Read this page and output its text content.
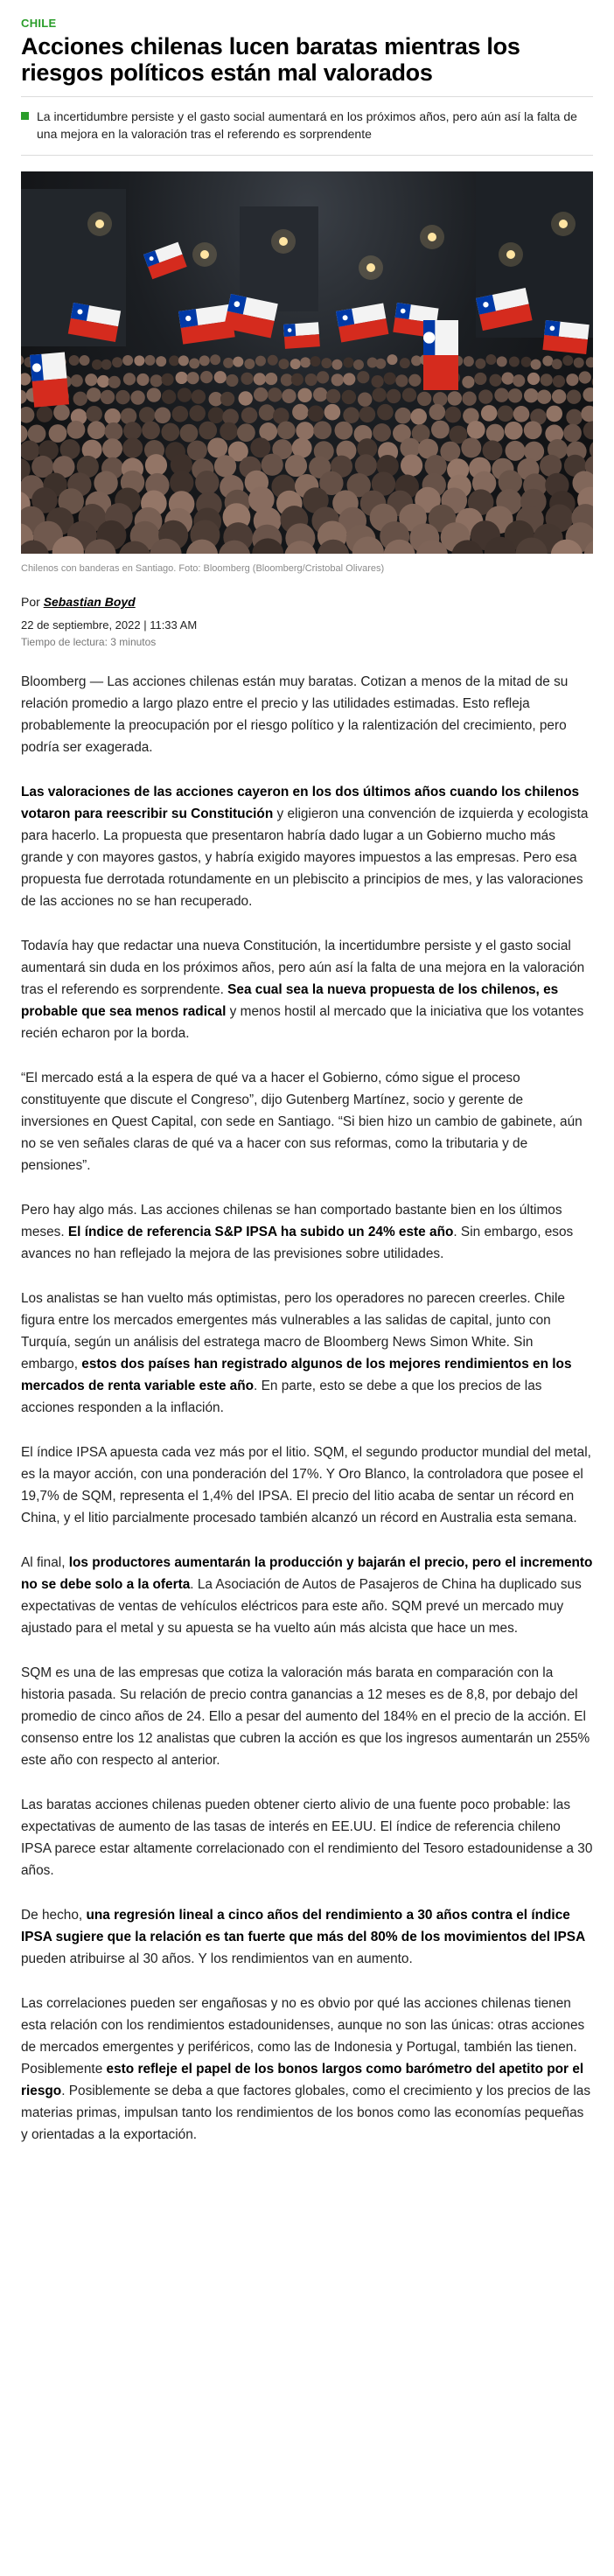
CHILE
Acciones chilenas lucen baratas mientras los riesgos políticos están mal valorados
La incertidumbre persiste y el gasto social aumentará en los próximos años, pero aún así la falta de una mejora en la valoración tras el referendo es sorprendente
Chilenos con banderas en Santiago. Foto: Bloomberg (Bloomberg/Cristobal Olivares)
Por Sebastian Boyd
22 de septiembre, 2022 | 11:33 AM
Tiempo de lectura: 3 minutos

Bloomberg — Las acciones chilenas están muy baratas. Cotizan a menos de la mitad de su relación promedio a largo plazo entre el precio y las utilidades estimadas. Esto refleja probablemente la preocupación por el riesgo político y la ralentización del crecimiento, pero podría ser exagerada.

Las valoraciones de las acciones cayeron en los dos últimos años cuando los chilenos votaron para reescribir su Constitución y eligieron una convención de izquierda y ecologista para hacerlo. La propuesta que presentaron habría dado lugar a un Gobierno mucho más grande y con mayores gastos, y habría exigido mayores impuestos a las empresas. Pero esa propuesta fue derrotada rotundamente en un plebiscito a principios de mes, y las valoraciones de las acciones no se han recuperado.

Todavía hay que redactar una nueva Constitución, la incertidumbre persiste y el gasto social aumentará sin duda en los próximos años, pero aún así la falta de una mejora en la valoración tras el referendo es sorprendente. Sea cual sea la nueva propuesta de los chilenos, es probable que sea menos radical y menos hostil al mercado que la iniciativa que los votantes recién echaron por la borda.

“El mercado está a la espera de qué va a hacer el Gobierno, cómo sigue el proceso constituyente que discute el Congreso”, dijo Gutenberg Martínez, socio y gerente de inversiones en Quest Capital, con sede en Santiago. “Si bien hizo un cambio de gabinete, aún no se ven señales claras de qué va a hacer con sus reformas, como la tributaria y de pensiones”.

Pero hay algo más. Las acciones chilenas se han comportado bastante bien en los últimos meses. El índice de referencia S&P IPSA ha subido un 24% este año. Sin embargo, esos avances no han reflejado la mejora de las previsiones sobre utilidades.

Los analistas se han vuelto más optimistas, pero los operadores no parecen creerles. Chile figura entre los mercados emergentes más vulnerables a las salidas de capital, junto con Turquía, según un análisis del estratega macro de Bloomberg News Simon White. Sin embargo, estos dos países han registrado algunos de los mejores rendimientos en los mercados de renta variable este año. En parte, esto se debe a que los precios de las acciones responden a la inflación.

El índice IPSA apuesta cada vez más por el litio. SQM, el segundo productor mundial del metal, es la mayor acción, con una ponderación del 17%. Y Oro Blanco, la controladora que posee el 19,7% de SQM, representa el 1,4% del IPSA. El precio del litio acaba de sentar un récord en China, y el litio parcialmente procesado también alcanzó un récord en Australia esta semana.

Al final, los productores aumentarán la producción y bajarán el precio, pero el incremento no se debe solo a la oferta. La Asociación de Autos de Pasajeros de China ha duplicado sus expectativas de ventas de vehículos eléctricos para este año. SQM prevé un mercado muy ajustado para el metal y su apuesta se ha vuelto aún más alcista que hace un mes.

SQM es una de las empresas que cotiza la valoración más barata en comparación con la historia pasada. Su relación de precio contra ganancias a 12 meses es de 8,8, por debajo del promedio de cinco años de 24. Ello a pesar del aumento del 184% en el precio de la acción. El consenso entre los 12 analistas que cubren la acción es que los ingresos aumentarán un 255% este año con respecto al anterior.

Las baratas acciones chilenas pueden obtener cierto alivio de una fuente poco probable: las expectativas de aumento de las tasas de interés en EE.UU. El índice de referencia chileno IPSA parece estar altamente correlacionado con el rendimiento del Tesoro estadounidense a 30 años.

De hecho, una regresión lineal a cinco años del rendimiento a 30 años contra el índice IPSA sugiere que la relación es tan fuerte que más del 80% de los movimientos del IPSA pueden atribuirse al 30 años. Y los rendimientos van en aumento.

Las correlaciones pueden ser engañosas y no es obvio por qué las acciones chilenas tienen esta relación con los rendimientos estadounidenses, aunque no son las únicas: otras acciones de mercados emergentes y periféricos, como las de Indonesia y Portugal, también las tienen. Posiblemente esto refleje el papel de los bonos largos como barómetro del apetito por el riesgo. Posiblemente se deba a que factores globales, como el crecimiento y los precios de las materias primas, impulsan tanto los rendimientos de los bonos como las economías pequeñas y orientadas a la exportación.
